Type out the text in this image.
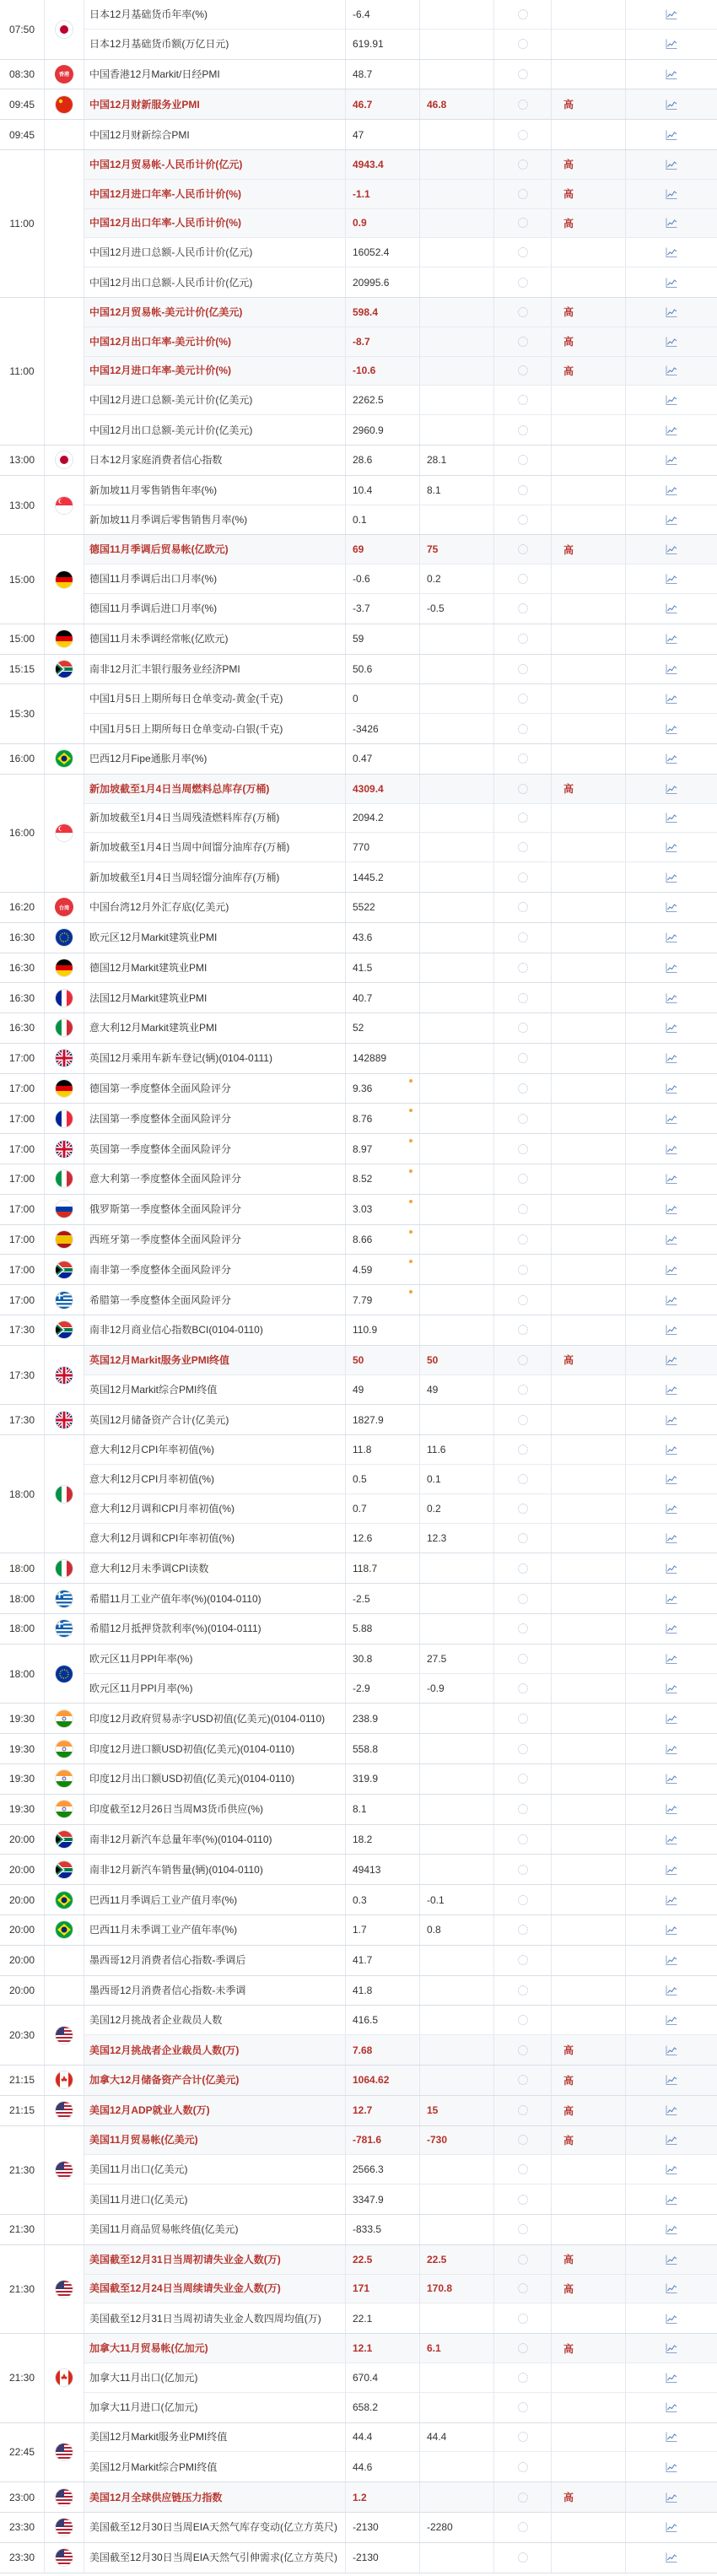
07:50
日本12月基础货币年率(%)	-6.4
日本12月基础货币额(万亿日元)	619.91
08:30	香港	中国香港12月Markit/日经PMI	48.7
09:45	中国12月财新服务业PMI	46.7	46.8	高
09:45	中国12月财新综合PMI	47
11:00
中国12月贸易帐-人民币计价(亿元)	4943.4	高
中国12月进口年率-人民币计价(%)	-1.1	高
中国12月出口年率-人民币计价(%)	0.9	高
中国12月进口总额-人民币计价(亿元)	16052.4
中国12月出口总额-人民币计价(亿元)	20995.6
11:00
中国12月贸易帐-美元计价(亿美元)	598.4	高
中国12月出口年率-美元计价(%)	-8.7	高
中国12月进口年率-美元计价(%)	-10.6	高
中国12月进口总额-美元计价(亿美元)	2262.5
中国12月出口总额-美元计价(亿美元)	2960.9
13:00	日本12月家庭消费者信心指数	28.6	28.1
13:00
新加坡11月零售销售年率(%)	10.4	8.1
新加坡11月季调后零售销售月率(%)	0.1
15:00
德国11月季调后贸易帐(亿欧元)	69	75	高
德国11月季调后出口月率(%)	-0.6	0.2
德国11月季调后进口月率(%)	-3.7	-0.5
15:00	德国11月未季调经常帐(亿欧元)	59
15:15	南非12月汇丰银行服务业经济PMI	50.6
15:30
中国1月5日上期所每日仓单变动-黄金(千克)	0
中国1月5日上期所每日仓单变动-白银(千克)	-3426
16:00	巴西12月Fipe通胀月率(%)	0.47
16:00
新加坡截至1月4日当周燃料总库存(万桶)	4309.4	高
新加坡截至1月4日当周残渣燃料库存(万桶)	2094.2
新加坡截至1月4日当周中间馏分油库存(万桶)	770
新加坡截至1月4日当周轻馏分油库存(万桶)	1445.2
16:20	台湾	中国台湾12月外汇存底(亿美元)	5522
16:30	欧元区12月Markit建筑业PMI	43.6
16:30	德国12月Markit建筑业PMI	41.5
16:30	法国12月Markit建筑业PMI	40.7
16:30	意大利12月Markit建筑业PMI	52
17:00	英国12月乘用车新车登记(辆)(0104-0111)	142889
17:00	德国第一季度整体全面风险评分	9.36
17:00	法国第一季度整体全面风险评分	8.76
17:00	英国第一季度整体全面风险评分	8.97
17:00	意大利第一季度整体全面风险评分	8.52
17:00	俄罗斯第一季度整体全面风险评分	3.03
17:00	西班牙第一季度整体全面风险评分	8.66
17:00	南非第一季度整体全面风险评分	4.59
17:00	希腊第一季度整体全面风险评分	7.79
17:30	南非12月商业信心指数BCI(0104-0110)	110.9
17:30
英国12月Markit服务业PMI终值	50	50	高
英国12月Markit综合PMI终值	49	49
17:30	英国12月储备资产合计(亿美元)	1827.9
18:00
意大利12月CPI年率初值(%)	11.8	11.6
意大利12月CPI月率初值(%)	0.5	0.1
意大利12月调和CPI月率初值(%)	0.7	0.2
意大利12月调和CPI年率初值(%)	12.6	12.3
18:00	意大利12月未季调CPI读数	118.7
18:00	希腊11月工业产值年率(%)(0104-0110)	-2.5
18:00	希腊12月抵押贷款利率(%)(0104-0111)	5.88
18:00
欧元区11月PPI年率(%)	30.8	27.5
欧元区11月PPI月率(%)	-2.9	-0.9
19:30	印度12月政府贸易赤字USD初值(亿美元)(0104-0110)	238.9
19:30	印度12月进口额USD初值(亿美元)(0104-0110)	558.8
19:30	印度12月出口额USD初值(亿美元)(0104-0110)	319.9
19:30	印度截至12月26日当周M3货币供应(%)	8.1
20:00	南非12月新汽车总量年率(%)(0104-0110)	18.2
20:00	南非12月新汽车销售量(辆)(0104-0110)	49413
20:00	巴西11月季调后工业产值月率(%)	0.3	-0.1
20:00	巴西11月未季调工业产值年率(%)	1.7	0.8
20:00	墨西哥12月消费者信心指数-季调后	41.7
20:00	墨西哥12月消费者信心指数-未季调	41.8
20:30
美国12月挑战者企业裁员人数	416.5
美国12月挑战者企业裁员人数(万)	7.68	高
21:15	加拿大12月储备资产合计(亿美元)	1064.62	高
21:15	美国12月ADP就业人数(万)	12.7	15	高
21:30
美国11月贸易帐(亿美元)	-781.6	-730	高
美国11月出口(亿美元)	2566.3
美国11月进口(亿美元)	3347.9
21:30	美国11月商品贸易帐终值(亿美元)	-833.5
21:30
美国截至12月31日当周初请失业金人数(万)	22.5	22.5	高
美国截至12月24日当周续请失业金人数(万)	171	170.8	高
美国截至12月31日当周初请失业金人数四周均值(万)	22.1
21:30
加拿大11月贸易帐(亿加元)	12.1	6.1	高
加拿大11月出口(亿加元)	670.4
加拿大11月进口(亿加元)	658.2
22:45
美国12月Markit服务业PMI终值	44.4	44.4
美国12月Markit综合PMI终值	44.6
23:00	美国12月全球供应链压力指数	1.2	高
23:30	美国截至12月30日当周EIA天然气库存变动(亿立方英尺)	-2130	-2280
23:30	美国截至12月30日当周EIA天然气引伸需求(亿立方英尺)	-2130
